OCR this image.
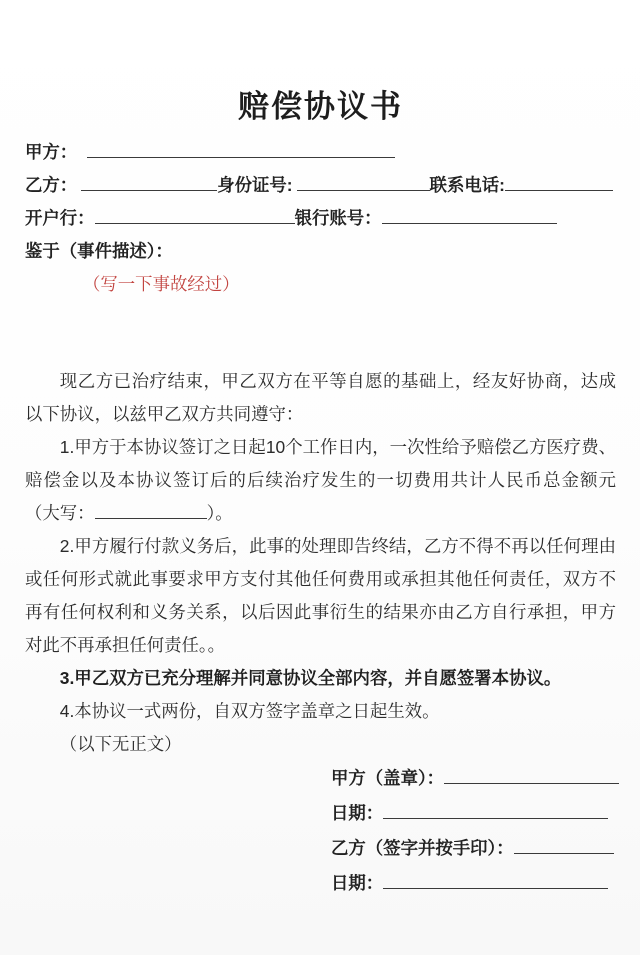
赔偿协议书
甲方：
乙方：	身份证号:	联系电话:
开户行：	银行账号：
鉴于（事件描述）：
（写一下事故经过）

现乙方已治疗结束，甲乙双方在平等自愿的基础上，经友好协商，达成以下协议，以兹甲乙双方共同遵守：

1.甲方于本协议签订之日起10个工作日内，一次性给予赔偿乙方医疗费、赔偿金以及本协议签订后的后续治疗发生的一切费用共计人民币总金额元（大写：	）。

2.甲方履行付款义务后，此事的处理即告终结，乙方不得不再以任何理由或任何形式就此事要求甲方支付其他任何费用或承担其他任何责任，双方不再有任何权利和义务关系，以后因此事衍生的结果亦由乙方自行承担，甲方对此不再承担任何责任。。

3.甲乙双方已充分理解并同意协议全部内容，并自愿签署本协议。

4.本协议一式两份，自双方签字盖章之日起生效。

（以下无正文）

甲方（盖章）：
日期：
乙方（签字并按手印）：
日期：
